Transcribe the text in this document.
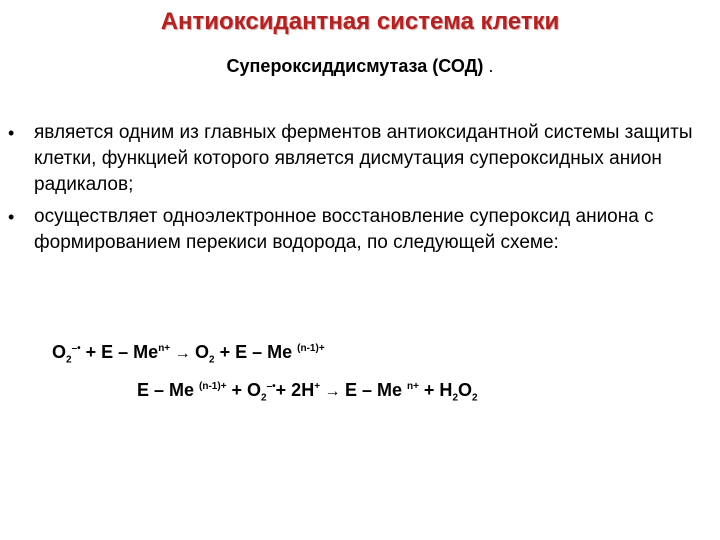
Антиоксидантная система клетки
Супероксиддисмутаза (СОД) .
• является одним из главных ферментов антиоксидантной системы защиты клетки, функцией которого является дисмутация супероксидных анион радикалов;
• осуществляет одноэлектронное восстановление супероксид аниона с формированием перекиси водорода, по следующей схеме:
$O_2^{-•} + E - Me^{n+} \to O_2 + E - Me$ $^{(n-1)+}$
E – Me $^{(n-1)+} + O_2^{-•}+ 2H^+ \to E - Me$ $^{n+} + H_2O_2$
